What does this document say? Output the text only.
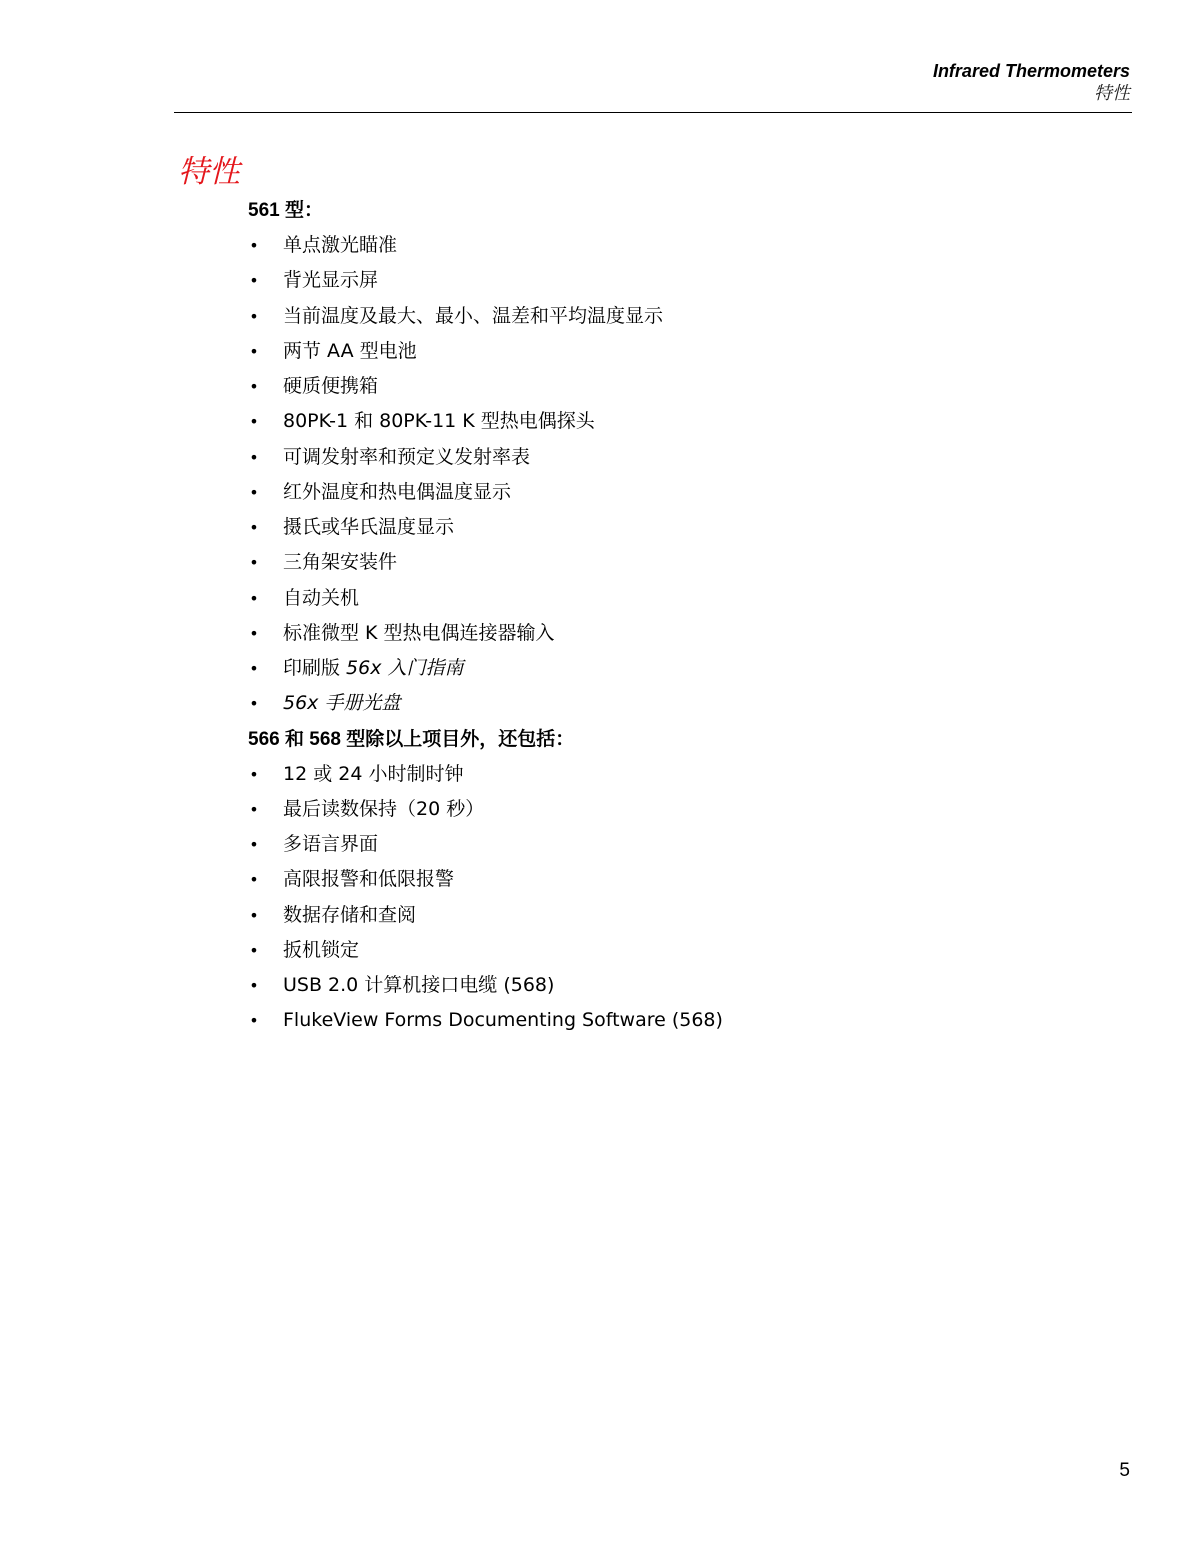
Infrared Thermometers
特性
特性
561 型：
• 单点激光瞄准
• 背光显示屏
• 当前温度及最大、最小、温差和平均温度显示
• 两节 AA 型电池
• 硬质便携箱
• 80PK-1 和 80PK-11 K 型热电偶探头
• 可调发射率和预定义发射率表
• 红外温度和热电偶温度显示
• 摄氏或华氏温度显示
• 三角架安装件
• 自动关机
• 标准微型 K 型热电偶连接器输入
• 印刷版 56x 入门指南
• 56x 手册光盘
566 和 568 型除以上项目外，还包括：
• 12 或 24 小时制时钟
• 最后读数保持（20 秒）
• 多语言界面
• 高限报警和低限报警
• 数据存储和查阅
• 扳机锁定
• USB 2.0 计算机接口电缆 (568)
• FlukeView Forms Documenting Software (568)
5
